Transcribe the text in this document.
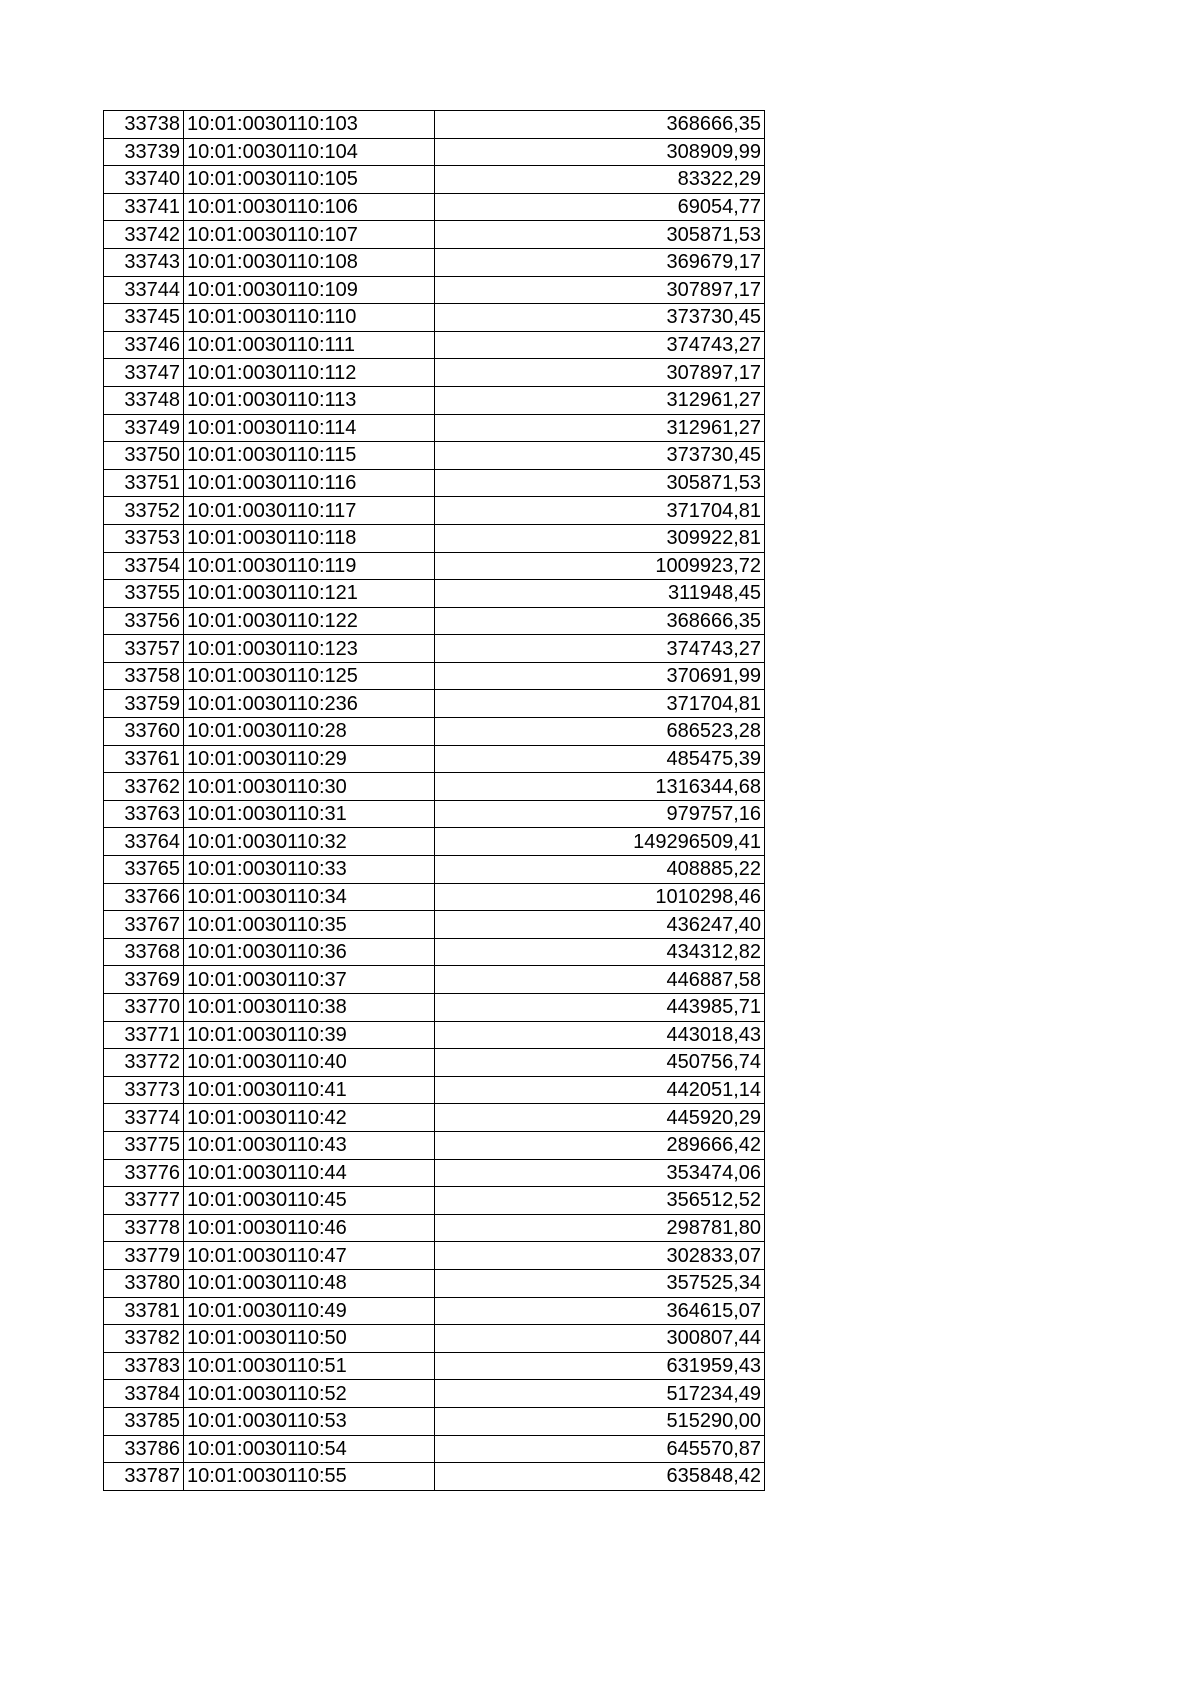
33738	10:01:0030110:103	368666,35
33739	10:01:0030110:104	308909,99
33740	10:01:0030110:105	83322,29
33741	10:01:0030110:106	69054,77
33742	10:01:0030110:107	305871,53
33743	10:01:0030110:108	369679,17
33744	10:01:0030110:109	307897,17
33745	10:01:0030110:110	373730,45
33746	10:01:0030110:111	374743,27
33747	10:01:0030110:112	307897,17
33748	10:01:0030110:113	312961,27
33749	10:01:0030110:114	312961,27
33750	10:01:0030110:115	373730,45
33751	10:01:0030110:116	305871,53
33752	10:01:0030110:117	371704,81
33753	10:01:0030110:118	309922,81
33754	10:01:0030110:119	1009923,72
33755	10:01:0030110:121	311948,45
33756	10:01:0030110:122	368666,35
33757	10:01:0030110:123	374743,27
33758	10:01:0030110:125	370691,99
33759	10:01:0030110:236	371704,81
33760	10:01:0030110:28	686523,28
33761	10:01:0030110:29	485475,39
33762	10:01:0030110:30	1316344,68
33763	10:01:0030110:31	979757,16
33764	10:01:0030110:32	149296509,41
33765	10:01:0030110:33	408885,22
33766	10:01:0030110:34	1010298,46
33767	10:01:0030110:35	436247,40
33768	10:01:0030110:36	434312,82
33769	10:01:0030110:37	446887,58
33770	10:01:0030110:38	443985,71
33771	10:01:0030110:39	443018,43
33772	10:01:0030110:40	450756,74
33773	10:01:0030110:41	442051,14
33774	10:01:0030110:42	445920,29
33775	10:01:0030110:43	289666,42
33776	10:01:0030110:44	353474,06
33777	10:01:0030110:45	356512,52
33778	10:01:0030110:46	298781,80
33779	10:01:0030110:47	302833,07
33780	10:01:0030110:48	357525,34
33781	10:01:0030110:49	364615,07
33782	10:01:0030110:50	300807,44
33783	10:01:0030110:51	631959,43
33784	10:01:0030110:52	517234,49
33785	10:01:0030110:53	515290,00
33786	10:01:0030110:54	645570,87
33787	10:01:0030110:55	635848,42
